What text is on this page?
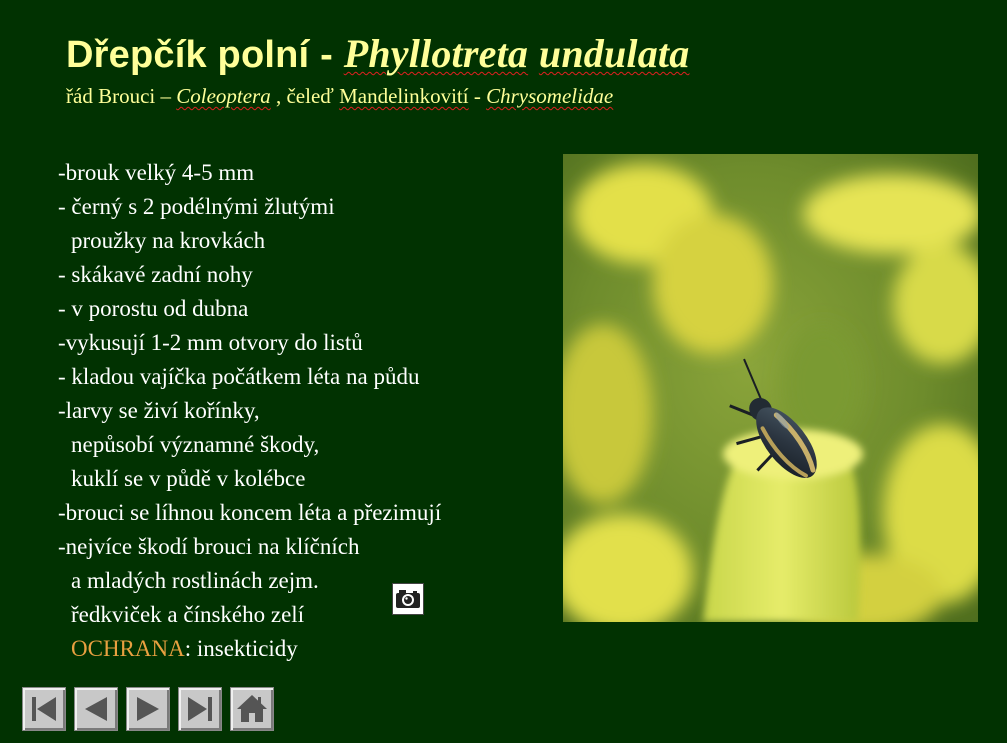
Dřepčík polní - Phyllotreta undulata
řád Brouci – Coleoptera , čeleď Mandelinkovití - Chrysomelidae
-brouk velký 4-5 mm
- černý s 2 podélnými žlutými
proužky na krovkách
- skákavé zadní nohy
- v porostu od dubna
-vykusují 1-2 mm otvory do listů
- kladou vajíčka počátkem léta na půdu
-larvy se živí kořínky,
nepůsobí významné škody,
kuklí se v půdě v kolébce
-brouci se líhnou koncem léta a přezimují
-nejvíce škodí brouci na klíčních
a mladých rostlinách zejm.
ředkviček a čínského zelí
OCHRANA: insekticidy
